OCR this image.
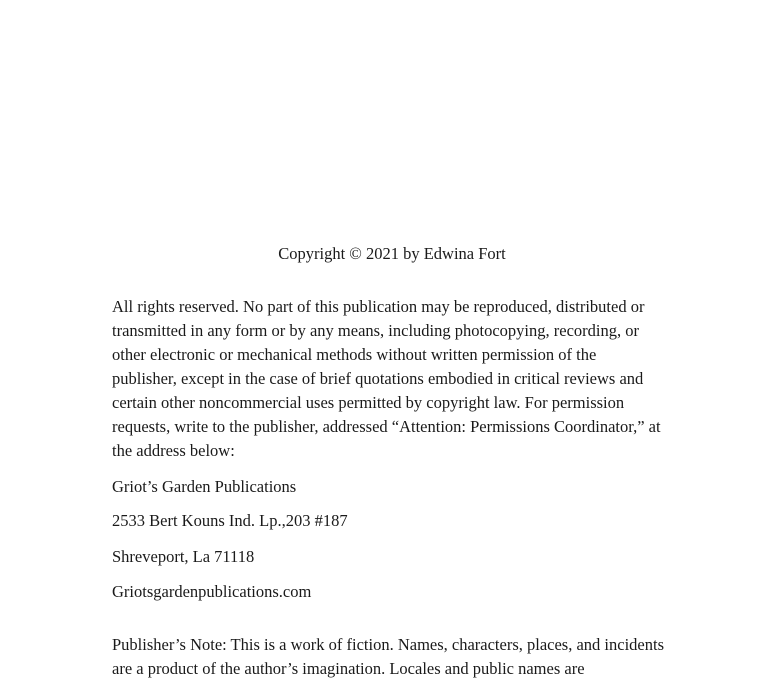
Copyright © 2021 by Edwina Fort
All rights reserved. No part of this publication may be reproduced, distributed or transmitted in any form or by any means, including photocopying, recording, or other electronic or mechanical methods without written permission of the publisher, except in the case of brief quotations embodied in critical reviews and certain other noncommercial uses permitted by copyright law. For permission requests, write to the publisher, addressed “Attention: Permissions Coordinator,” at the address below:
Griot’s Garden Publications
2533 Bert Kouns Ind. Lp.,203 #187
Shreveport, La 71118
Griotsgardenpublications.com
Publisher’s Note: This is a work of fiction. Names, characters, places, and incidents are a product of the author’s imagination. Locales and public names are
